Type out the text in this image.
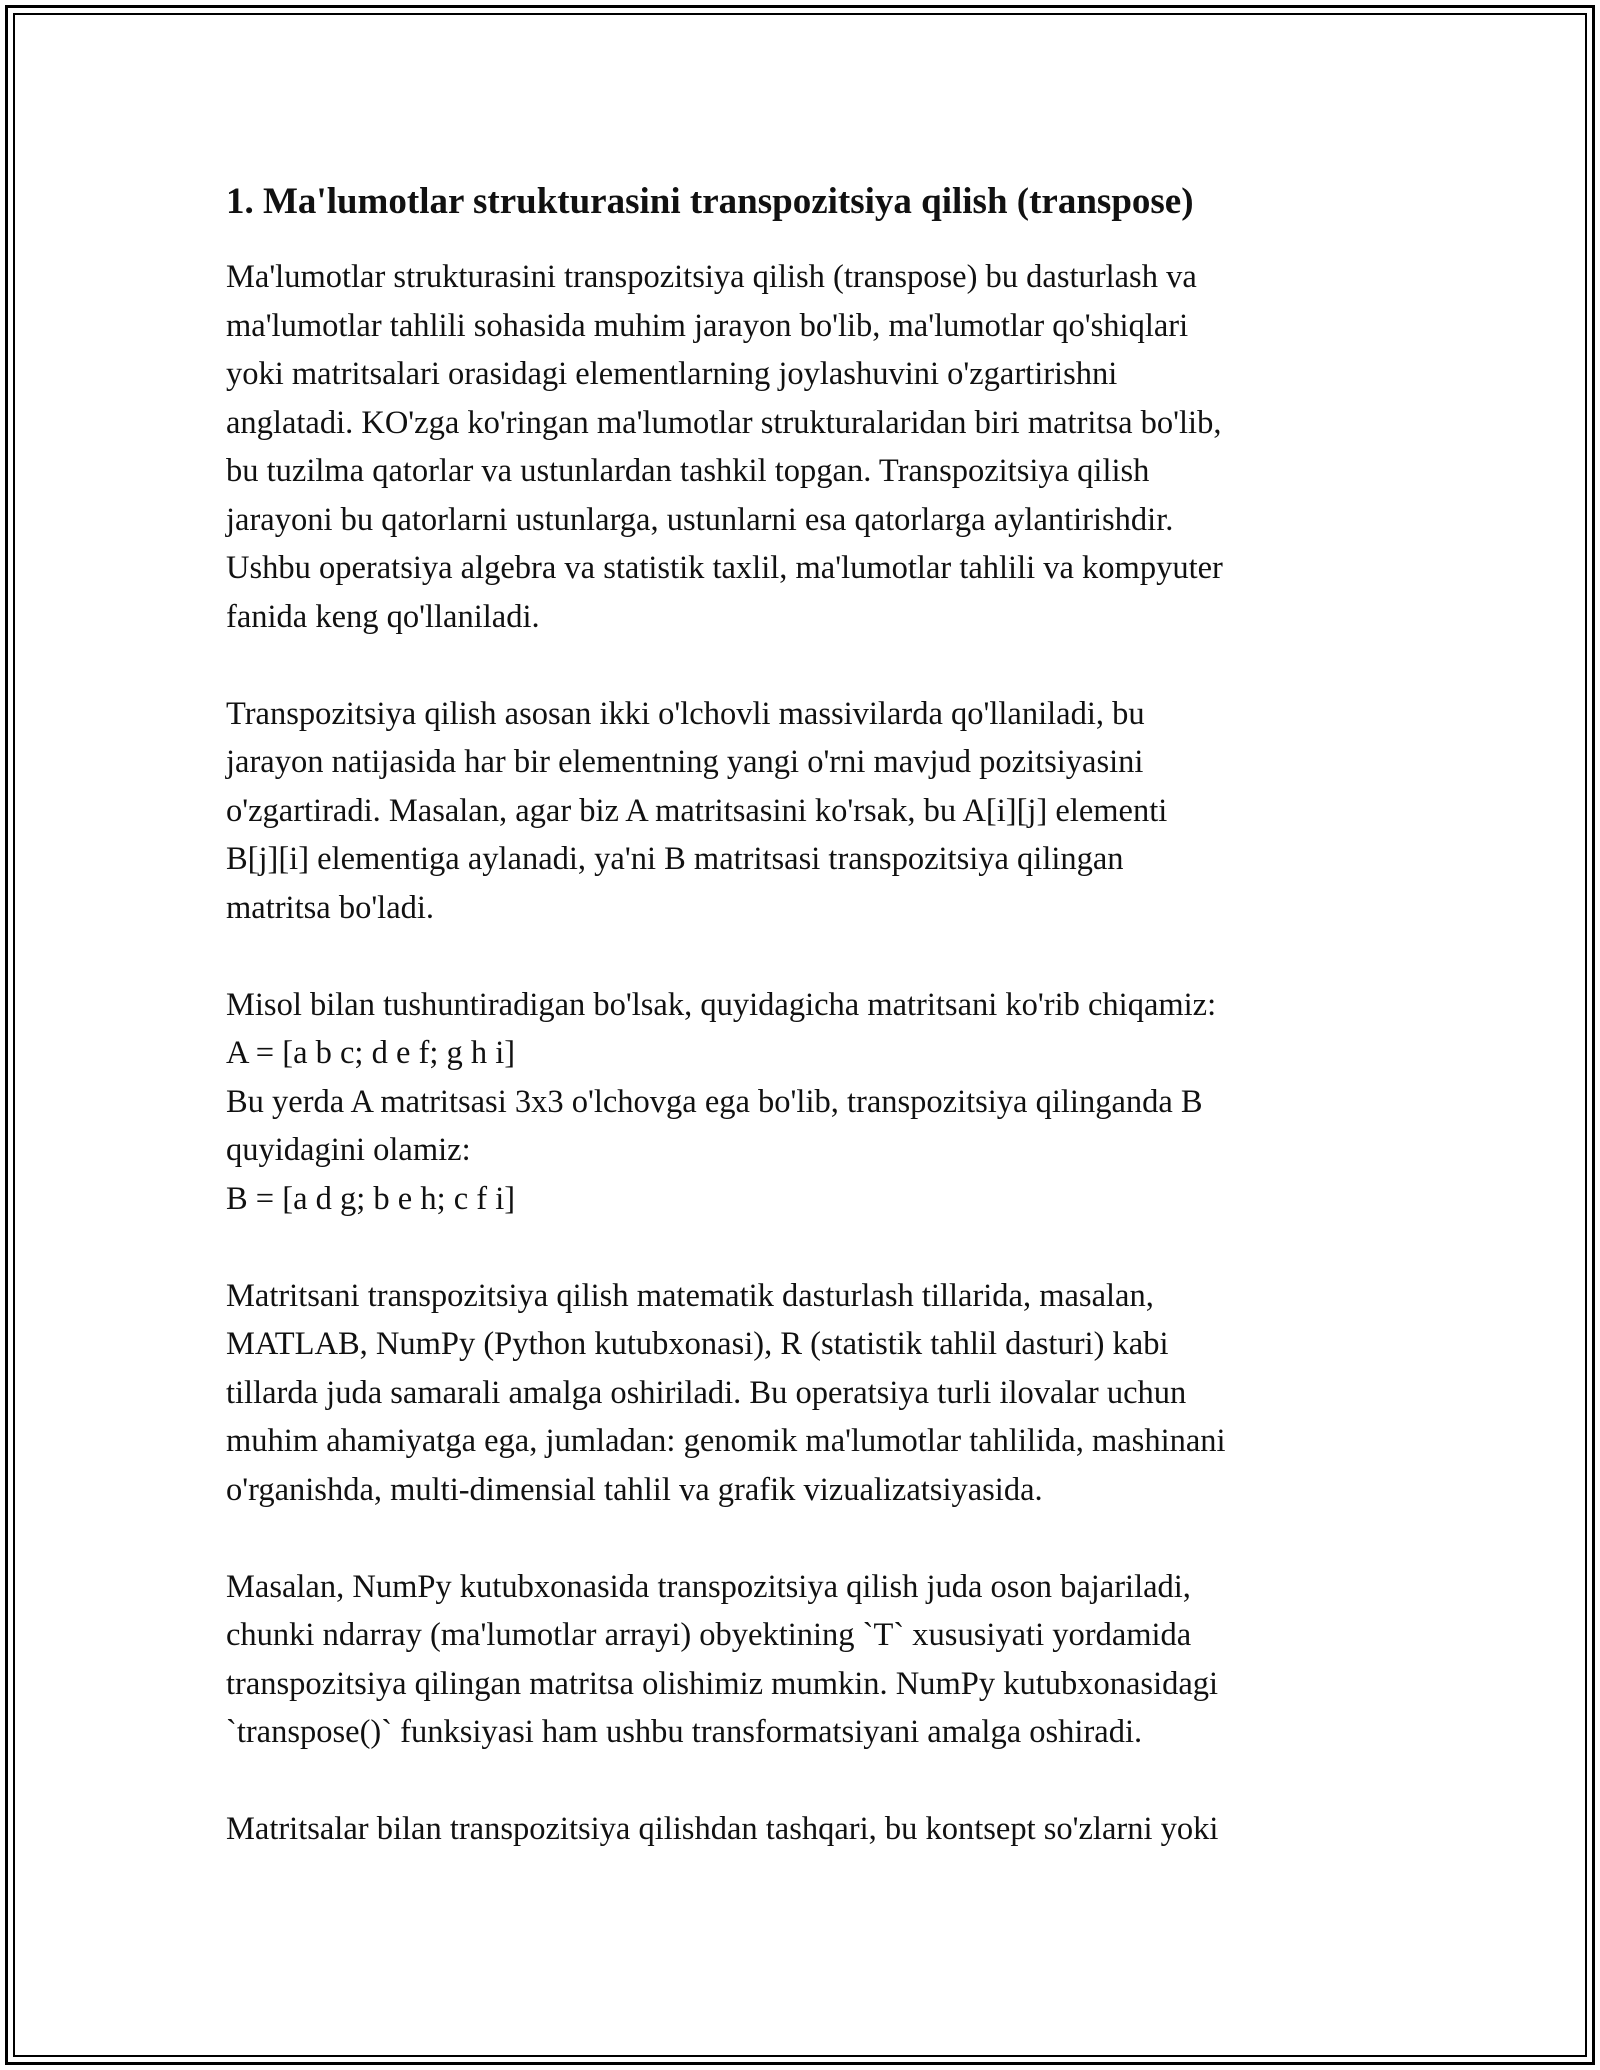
1. Ma'lumotlar strukturasini transpozitsiya qilish (transpose)
Ma'lumotlar strukturasini transpozitsiya qilish (transpose) bu dasturlash va
ma'lumotlar tahlili sohasida muhim jarayon bo'lib, ma'lumotlar qo'shiqlari
yoki matritsalari orasidagi elementlarning joylashuvini o'zgartirishni
anglatadi. KO'zga ko'ringan ma'lumotlar strukturalaridan biri matritsa bo'lib,
bu tuzilma qatorlar va ustunlardan tashkil topgan. Transpozitsiya qilish
jarayoni bu qatorlarni ustunlarga, ustunlarni esa qatorlarga aylantirishdir.
Ushbu operatsiya algebra va statistik taxlil, ma'lumotlar tahlili va kompyuter
fanida keng qo'llaniladi.
Transpozitsiya qilish asosan ikki o'lchovli massivilarda qo'llaniladi, bu
jarayon natijasida har bir elementning yangi o'rni mavjud pozitsiyasini
o'zgartiradi. Masalan, agar biz A matritsasini ko'rsak, bu A[i][j] elementi
B[j][i] elementiga aylanadi, ya'ni B matritsasi transpozitsiya qilingan
matritsa bo'ladi.
Misol bilan tushuntiradigan bo'lsak, quyidagicha matritsani ko'rib chiqamiz:
A = [a b c; d e f; g h i]
Bu yerda A matritsasi 3x3 o'lchovga ega bo'lib, transpozitsiya qilinganda B
quyidagini olamiz:
B = [a d g; b e h; c f i]
Matritsani transpozitsiya qilish matematik dasturlash tillarida, masalan,
MATLAB, NumPy (Python kutubxonasi), R (statistik tahlil dasturi) kabi
tillarda juda samarali amalga oshiriladi. Bu operatsiya turli ilovalar uchun
muhim ahamiyatga ega, jumladan: genomik ma'lumotlar tahlilida, mashinani
o'rganishda, multi-dimensial tahlil va grafik vizualizatsiyasida.
Masalan, NumPy kutubxonasida transpozitsiya qilish juda oson bajariladi,
chunki ndarray (ma'lumotlar arrayi) obyektining `T` xususiyati yordamida
transpozitsiya qilingan matritsa olishimiz mumkin. NumPy kutubxonasidagi
`transpose()` funksiyasi ham ushbu transformatsiyani amalga oshiradi.
Matritsalar bilan transpozitsiya qilishdan tashqari, bu kontsept so'zlarni yoki
